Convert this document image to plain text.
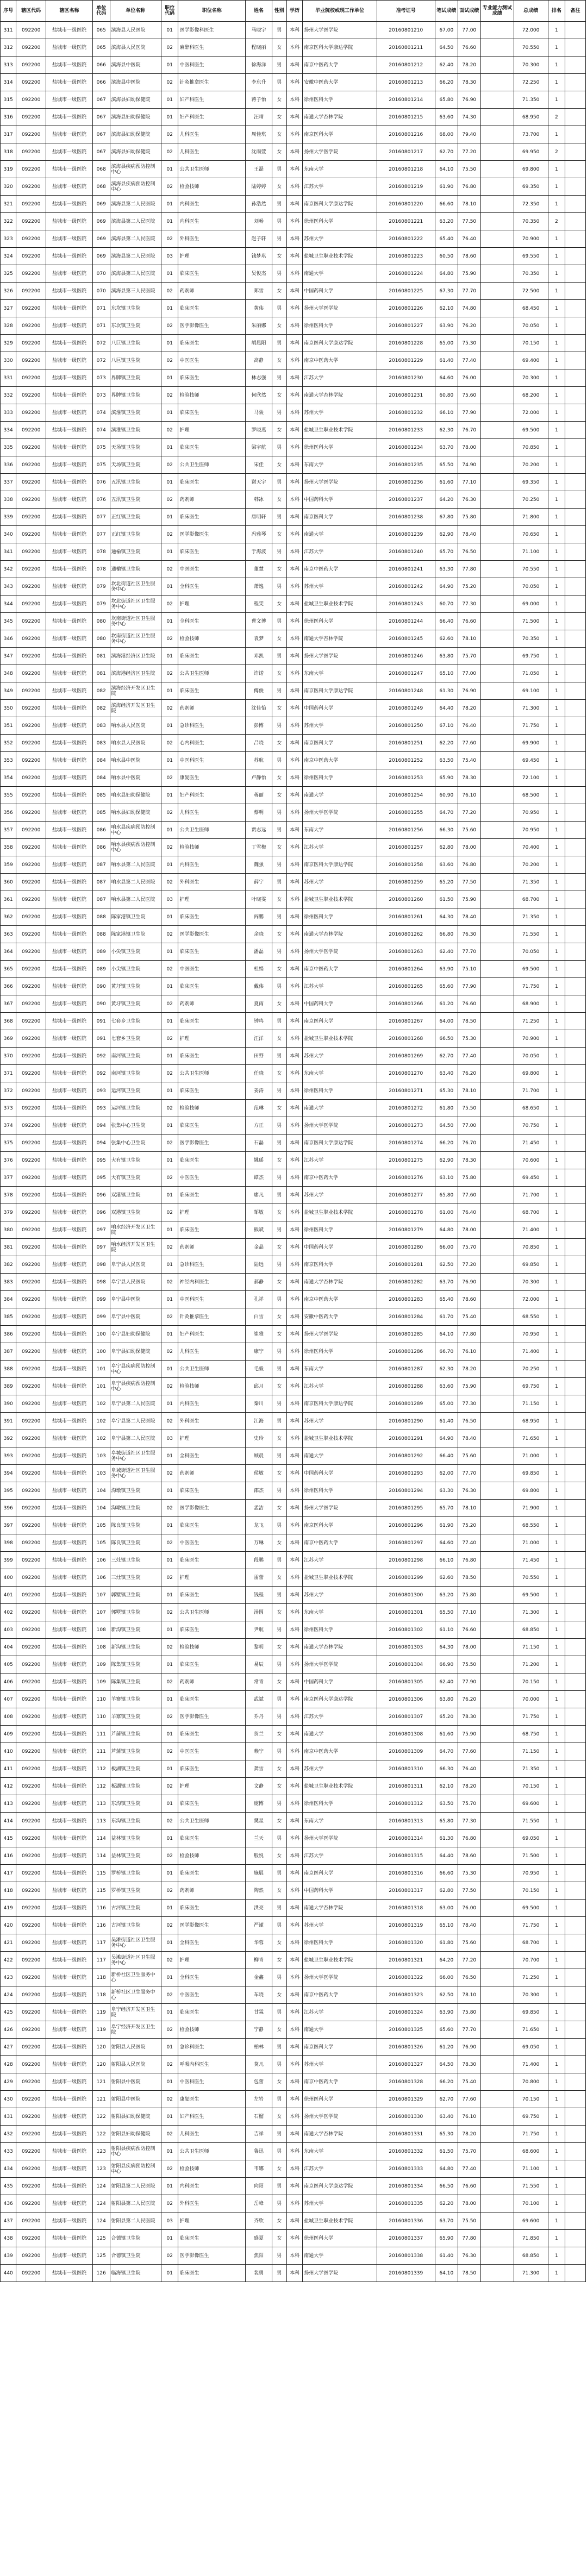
序号	辖区代码	辖区名称	单位代码	单位名称	职位代码	职位名称	姓名	性别	学历	毕业院校或现工作单位	准考证号	笔试成绩	面试成绩	专业能力测试成绩	总成绩	排名	备注
311	092200	盐城市一级医院	065	滨海县人民医院	01	医学影像科医生	马晓宇	男	本科	扬州大学医学院	20160801210	67.00	77.00		72.000	1	
312	092200	盐城市一级医院	065	滨海县人民医院	02	麻醉科医生	程晓丽	女	本科	南京医科大学康达学院	20160801211	64.50	76.60		70.550	1	
313	092200	盐城市一级医院	066	滨海县中医院	01	中医科医生	徐海洋	男	本科	南京中医药大学	20160801212	62.40	78.20		70.300	1	
314	092200	盐城市一级医院	066	滨海县中医院	02	针灸推拿医生	李东升	男	本科	安徽中医药大学	20160801213	66.20	78.30		72.250	1	
315	092200	盐城市一级医院	067	滨海县妇幼保健院	01	妇产科医生	蒋子怡	女	本科	徐州医科大学	20160801214	65.80	76.90		71.350	1	
316	092200	盐城市一级医院	067	滨海县妇幼保健院	01	妇产科医生	汪晴	女	本科	南通大学杏林学院	20160801215	63.60	74.30		68.950	2	
317	092200	盐城市一级医院	067	滨海县妇幼保健院	02	儿科医生	周佳琪	女	本科	南京医科大学	20160801216	68.00	79.40		73.700	1	
318	092200	盐城市一级医院	067	滨海县妇幼保健院	02	儿科医生	沈雨萱	女	本科	扬州大学医学院	20160801217	62.70	77.20		69.950	2	
319	092200	盐城市一级医院	068	滨海县疾病预防控制中心	01	公共卫生医师	王磊	男	本科	东南大学	20160801218	64.10	75.50		69.800	1	
320	092200	盐城市一级医院	068	滨海县疾病预防控制中心	02	检验技师	陆婷婷	女	本科	江苏大学	20160801219	61.90	76.80		69.350	1	
321	092200	盐城市一级医院	069	滨海县第二人民医院	01	内科医生	孙浩然	男	本科	南京医科大学康达学院	20160801220	66.60	78.10		72.350	1	
322	092200	盐城市一级医院	069	滨海县第二人民医院	01	内科医生	刘畅	男	本科	徐州医科大学	20160801221	63.20	77.50		70.350	2	
323	092200	盐城市一级医院	069	滨海县第二人民医院	02	外科医生	赵子轩	男	本科	苏州大学	20160801222	65.40	76.40		70.900	1	
324	092200	盐城市一级医院	069	滨海县第二人民医院	03	护理	钱梦琪	女	本科	盐城卫生职业技术学院	20160801223	60.50	78.60		69.550	1	
325	092200	盐城市一级医院	070	滨海县第三人民医院	01	临床医生	吴俊杰	男	本科	南通大学	20160801224	64.80	75.90		70.350	1	
326	092200	盐城市一级医院	070	滨海县第三人民医院	02	药剂师	郑雪	女	本科	中国药科大学	20160801225	67.30	77.70		72.500	1	
327	092200	盐城市一级医院	071	东坎镇卫生院	01	临床医生	黄伟	男	本科	扬州大学医学院	20160801226	62.10	74.80		68.450	1	
328	092200	盐城市一级医院	071	东坎镇卫生院	02	医学影像医生	朱丽娜	女	本科	徐州医科大学	20160801227	63.90	76.20		70.050	1	
329	092200	盐城市一级医院	072	八巨镇卫生院	01	临床医生	胡晨阳	男	本科	南京医科大学康达学院	20160801228	65.00	75.30		70.150	1	
330	092200	盐城市一级医院	072	八巨镇卫生院	02	中医医生	高静	女	本科	南京中医药大学	20160801229	61.40	77.40		69.400	1	
331	092200	盐城市一级医院	073	界牌镇卫生院	01	临床医生	林志强	男	本科	江苏大学	20160801230	64.60	76.00		70.300	1	
332	092200	盐城市一级医院	073	界牌镇卫生院	02	检验技师	何欣然	女	本科	南通大学杏林学院	20160801231	60.80	75.60		68.200	1	
333	092200	盐城市一级医院	074	滨淮镇卫生院	01	临床医生	马骏	男	本科	苏州大学	20160801232	66.10	77.90		72.000	1	
334	092200	盐城市一级医院	074	滨淮镇卫生院	02	护理	罗晓燕	女	本科	盐城卫生职业技术学院	20160801233	62.30	76.70		69.500	1	
335	092200	盐城市一级医院	075	天场镇卫生院	01	临床医生	梁宇航	男	本科	徐州医科大学	20160801234	63.70	78.00		70.850	1	
336	092200	盐城市一级医院	075	天场镇卫生院	02	公共卫生医师	宋佳	女	本科	东南大学	20160801235	65.50	74.90		70.200	1	
337	092200	盐城市一级医院	076	五汛镇卫生院	01	临床医生	谢天宇	男	本科	扬州大学医学院	20160801236	61.60	77.10		69.350	1	
338	092200	盐城市一级医院	076	五汛镇卫生院	02	药剂师	韩冰	女	本科	中国药科大学	20160801237	64.20	76.30		70.250	1	
339	092200	盐城市一级医院	077	正红镇卫生院	01	临床医生	唐明轩	男	本科	南京医科大学	20160801238	67.80	75.80		71.800	1	
340	092200	盐城市一级医院	077	正红镇卫生院	02	医学影像医生	冯雅琴	女	本科	南通大学	20160801239	62.90	78.40		70.650	1	
341	092200	盐城市一级医院	078	通榆镇卫生院	01	临床医生	于海波	男	本科	江苏大学	20160801240	65.70	76.50		71.100	1	
342	092200	盐城市一级医院	078	通榆镇卫生院	02	中医医生	董慧	女	本科	南京中医药大学	20160801241	63.30	77.80		70.550	1	
343	092200	盐城市一级医院	079	坎北街道社区卫生服务中心	01	全科医生	萧逸	男	本科	苏州大学	20160801242	64.90	75.20		70.050	1	
344	092200	盐城市一级医院	079	坎北街道社区卫生服务中心	02	护理	程雯	女	本科	盐城卫生职业技术学院	20160801243	60.70	77.30		69.000	1	
345	092200	盐城市一级医院	080	坎南街道社区卫生服务中心	01	全科医生	曹文博	男	本科	徐州医科大学	20160801244	66.40	76.60		71.500	1	
346	092200	盐城市一级医院	080	坎南街道社区卫生服务中心	02	检验技师	袁梦	女	本科	南通大学杏林学院	20160801245	62.60	78.10		70.350	1	
347	092200	盐城市一级医院	081	滨海港经济区卫生院	01	临床医生	邓凯	男	本科	扬州大学医学院	20160801246	63.80	75.70		69.750	1	
348	092200	盐城市一级医院	081	滨海港经济区卫生院	02	公共卫生医师	许诺	女	本科	东南大学	20160801247	65.10	77.00		71.050	1	
349	092200	盐城市一级医院	082	滨海经济开发区卫生院	01	临床医生	傅俊	男	本科	南京医科大学康达学院	20160801248	61.30	76.90		69.100	1	
350	092200	盐城市一级医院	082	滨海经济开发区卫生院	02	药剂师	沈佳怡	女	本科	中国药科大学	20160801249	64.40	78.20		71.300	1	
351	092200	盐城市一级医院	083	响水县人民医院	01	急诊科医生	彭博	男	本科	苏州大学	20160801250	67.10	76.40		71.750	1	
352	092200	盐城市一级医院	083	响水县人民医院	02	心内科医生	吕晓	女	本科	南京医科大学	20160801251	62.20	77.60		69.900	1	
353	092200	盐城市一级医院	084	响水县中医院	01	中医科医生	苏航	男	本科	南京中医药大学	20160801252	63.50	75.40		69.450	1	
354	092200	盐城市一级医院	084	响水县中医院	02	康复医生	卢静怡	女	本科	徐州医科大学	20160801253	65.90	78.30		72.100	1	
355	092200	盐城市一级医院	085	响水县妇幼保健院	01	妇产科医生	蒋丽	女	本科	南通大学	20160801254	60.90	76.10		68.500	1	
356	092200	盐城市一级医院	085	响水县妇幼保健院	02	儿科医生	蔡明	男	本科	扬州大学医学院	20160801255	64.70	77.20		70.950	1	
357	092200	盐城市一级医院	086	响水县疾病预防控制中心	01	公共卫生医师	贾志远	男	本科	东南大学	20160801256	66.30	75.60		70.950	1	
358	092200	盐城市一级医院	086	响水县疾病预防控制中心	02	检验技师	丁雪梅	女	本科	江苏大学	20160801257	62.80	78.00		70.400	1	
359	092200	盐城市一级医院	087	响水县第二人民医院	01	内科医生	魏强	男	本科	南京医科大学康达学院	20160801258	63.60	76.80		70.200	1	
360	092200	盐城市一级医院	087	响水县第二人民医院	02	外科医生	薛宁	男	本科	苏州大学	20160801259	65.20	77.50		71.350	1	
361	092200	盐城市一级医院	087	响水县第二人民医院	03	护理	叶晓雯	女	本科	盐城卫生职业技术学院	20160801260	61.50	75.90		68.700	1	
362	092200	盐城市一级医院	088	陈家港镇卫生院	01	临床医生	阎鹏	男	本科	徐州医科大学	20160801261	64.30	78.40		71.350	1	
363	092200	盐城市一级医院	088	陈家港镇卫生院	02	医学影像医生	余晓	女	本科	南通大学杏林学院	20160801262	66.80	76.30		71.550	1	
364	092200	盐城市一级医院	089	小尖镇卫生院	01	临床医生	潘磊	男	本科	扬州大学医学院	20160801263	62.40	77.70		70.050	1	
365	092200	盐城市一级医院	089	小尖镇卫生院	02	中医医生	杜娟	女	本科	南京中医药大学	20160801264	63.90	75.10		69.500	1	
366	092200	盐城市一级医院	090	黄圩镇卫生院	01	临床医生	戴伟	男	本科	江苏大学	20160801265	65.60	77.90		71.750	1	
367	092200	盐城市一级医院	090	黄圩镇卫生院	02	药剂师	夏雨	女	本科	中国药科大学	20160801266	61.20	76.60		68.900	1	
368	092200	盐城市一级医院	091	七套乡卫生院	01	临床医生	钟鸣	男	本科	南京医科大学	20160801267	64.00	78.50		71.250	1	
369	092200	盐城市一级医院	091	七套乡卫生院	02	护理	汪洋	女	本科	盐城卫生职业技术学院	20160801268	66.50	75.30		70.900	1	
370	092200	盐城市一级医院	092	南河镇卫生院	01	临床医生	田野	男	本科	苏州大学	20160801269	62.70	77.40		70.050	1	
371	092200	盐城市一级医院	092	南河镇卫生院	02	公共卫生医师	任晓	女	本科	东南大学	20160801270	63.40	76.20		69.800	1	
372	092200	盐城市一级医院	093	运河镇卫生院	01	临床医生	姜涛	男	本科	徐州医科大学	20160801271	65.30	78.10		71.700	1	
373	092200	盐城市一级医院	093	运河镇卫生院	02	检验技师	范琳	女	本科	南通大学	20160801272	61.80	75.50		68.650	1	
374	092200	盐城市一级医院	094	张集中心卫生院	01	临床医生	方正	男	本科	扬州大学医学院	20160801273	64.50	77.00		70.750	1	
375	092200	盐城市一级医院	094	张集中心卫生院	02	医学影像医生	石磊	男	本科	南京医科大学康达学院	20160801274	66.20	76.70		71.450	1	
376	092200	盐城市一级医院	095	大有镇卫生院	01	临床医生	姚瑶	女	本科	江苏大学	20160801275	62.90	78.30		70.600	1	
377	092200	盐城市一级医院	095	大有镇卫生院	02	中医医生	谭杰	男	本科	南京中医药大学	20160801276	63.10	75.80		69.450	1	
378	092200	盐城市一级医院	096	双港镇卫生院	01	临床医生	廖凡	男	本科	苏州大学	20160801277	65.80	77.60		71.700	1	
379	092200	盐城市一级医院	096	双港镇卫生院	02	护理	邹敏	女	本科	盐城卫生职业技术学院	20160801278	61.00	76.40		68.700	1	
380	092200	盐城市一级医院	097	响水经济开发区卫生院	01	临床医生	熊斌	男	本科	徐州医科大学	20160801279	64.80	78.00		71.400	1	
381	092200	盐城市一级医院	097	响水经济开发区卫生院	02	药剂师	金晶	女	本科	中国药科大学	20160801280	66.00	75.70		70.850	1	
382	092200	盐城市一级医院	098	阜宁县人民医院	01	急诊科医生	陆远	男	本科	南京医科大学	20160801281	62.50	77.20		69.850	1	
383	092200	盐城市一级医院	098	阜宁县人民医院	02	神经内科医生	郝静	女	本科	南通大学杏林学院	20160801282	63.70	76.90		70.300	1	
384	092200	盐城市一级医院	099	阜宁县中医院	01	中医科医生	孔祥	男	本科	南京中医药大学	20160801283	65.40	78.60		72.000	1	
385	092200	盐城市一级医院	099	阜宁县中医院	02	针灸推拿医生	白雪	女	本科	安徽中医药大学	20160801284	61.70	75.40		68.550	1	
386	092200	盐城市一级医院	100	阜宁县妇幼保健院	01	妇产科医生	崔雅	女	本科	扬州大学医学院	20160801285	64.10	77.80		70.950	1	
387	092200	盐城市一级医院	100	阜宁县妇幼保健院	02	儿科医生	康宁	男	本科	徐州医科大学	20160801286	66.70	76.10		71.400	1	
388	092200	盐城市一级医院	101	阜宁县疾病预防控制中心	01	公共卫生医师	毛毅	男	本科	东南大学	20160801287	62.30	78.20		70.250	1	
389	092200	盐城市一级医院	101	阜宁县疾病预防控制中心	02	检验技师	邱月	女	本科	江苏大学	20160801288	63.60	75.90		69.750	1	
390	092200	盐城市一级医院	102	阜宁县第二人民医院	01	内科医生	秦川	男	本科	南京医科大学康达学院	20160801289	65.00	77.30		71.150	1	
391	092200	盐城市一级医院	102	阜宁县第二人民医院	02	外科医生	江海	男	本科	苏州大学	20160801290	61.40	76.50		68.950	1	
392	092200	盐城市一级医院	102	阜宁县第二人民医院	03	护理	史玲	女	本科	盐城卫生职业技术学院	20160801291	64.90	78.40		71.650	1	
393	092200	盐城市一级医院	103	阜城街道社区卫生服务中心	01	全科医生	顾晨	男	本科	南通大学	20160801292	66.40	75.60		71.000	1	
394	092200	盐城市一级医院	103	阜城街道社区卫生服务中心	02	药剂师	侯敏	女	本科	中国药科大学	20160801293	62.00	77.70		69.850	1	
395	092200	盐城市一级医院	104	沟墩镇卫生院	01	临床医生	邵杰	男	本科	徐州医科大学	20160801294	63.30	76.30		69.800	1	
396	092200	盐城市一级医院	104	沟墩镇卫生院	02	医学影像医生	孟洁	女	本科	扬州大学医学院	20160801295	65.70	78.10		71.900	1	
397	092200	盐城市一级医院	105	陈良镇卫生院	01	临床医生	龙飞	男	本科	南京医科大学	20160801296	61.90	75.20		68.550	1	
398	092200	盐城市一级医院	105	陈良镇卫生院	02	中医医生	万琳	女	本科	南京中医药大学	20160801297	64.60	77.40		71.000	1	
399	092200	盐城市一级医院	106	三灶镇卫生院	01	临床医生	段鹏	男	本科	江苏大学	20160801298	66.10	76.80		71.450	1	
400	092200	盐城市一级医院	106	三灶镇卫生院	02	护理	雷蕾	女	本科	盐城卫生职业技术学院	20160801299	62.60	78.50		70.550	1	
401	092200	盐城市一级医院	107	郭墅镇卫生院	01	临床医生	钱程	男	本科	苏州大学	20160801300	63.20	75.80		69.500	1	
402	092200	盐城市一级医院	107	郭墅镇卫生院	02	公共卫生医师	汤圆	女	本科	东南大学	20160801301	65.50	77.10		71.300	1	
403	092200	盐城市一级医院	108	新沟镇卫生院	01	临床医生	尹航	男	本科	徐州医科大学	20160801302	61.10	76.60		68.850	1	
404	092200	盐城市一级医院	108	新沟镇卫生院	02	检验技师	黎明	女	本科	南通大学杏林学院	20160801303	64.30	78.00		71.150	1	
405	092200	盐城市一级医院	109	陈集镇卫生院	01	临床医生	易辰	男	本科	扬州大学医学院	20160801304	66.90	75.50		71.200	1	
406	092200	盐城市一级医院	109	陈集镇卫生院	02	药剂师	常青	女	本科	中国药科大学	20160801305	62.40	77.90		70.150	1	
407	092200	盐城市一级医院	110	羊寨镇卫生院	01	临床医生	武斌	男	本科	南京医科大学康达学院	20160801306	63.80	76.20		70.000	1	
408	092200	盐城市一级医院	110	羊寨镇卫生院	02	医学影像医生	乔丹	男	本科	江苏大学	20160801307	65.20	78.30		71.750	1	
409	092200	盐城市一级医院	111	芦蒲镇卫生院	01	临床医生	贺兰	女	本科	南通大学	20160801308	61.60	75.90		68.750	1	
410	092200	盐城市一级医院	111	芦蒲镇卫生院	02	中医医生	赖宁	男	本科	南京中医药大学	20160801309	64.70	77.60		71.150	1	
411	092200	盐城市一级医院	112	板湖镇卫生院	01	临床医生	龚雪	女	本科	苏州大学	20160801310	66.30	76.40		71.350	1	
412	092200	盐城市一级医院	112	板湖镇卫生院	02	护理	文静	女	本科	盐城卫生职业技术学院	20160801311	62.10	78.20		70.150	1	
413	092200	盐城市一级医院	113	东沟镇卫生院	01	临床医生	庞博	男	本科	徐州医科大学	20160801312	63.50	75.70		69.600	1	
414	092200	盐城市一级医院	113	东沟镇卫生院	02	公共卫生医师	樊星	女	本科	东南大学	20160801313	65.80	77.30		71.550	1	
415	092200	盐城市一级医院	114	益林镇卫生院	01	临床医生	兰天	男	本科	扬州大学医学院	20160801314	61.30	76.80		69.050	1	
416	092200	盐城市一级医院	114	益林镇卫生院	02	检验技师	殷悦	女	本科	江苏大学	20160801315	64.40	78.60		71.500	1	
417	092200	盐城市一级医院	115	罗桥镇卫生院	01	临床医生	施展	男	本科	南京医科大学	20160801316	66.60	75.30		70.950	1	
418	092200	盐城市一级医院	115	罗桥镇卫生院	02	药剂师	陶然	女	本科	中国药科大学	20160801317	62.80	77.50		70.150	1	
419	092200	盐城市一级医院	116	古河镇卫生院	01	临床医生	洪亮	男	本科	南通大学杏林学院	20160801318	63.00	76.00		69.500	1	
420	092200	盐城市一级医院	116	古河镇卫生院	02	医学影像医生	严谨	男	本科	苏州大学	20160801319	65.10	78.40		71.750	1	
421	092200	盐城市一级医院	117	吴滩街道社区卫生服务中心	01	全科医生	华蓉	女	本科	徐州医科大学	20160801320	61.80	75.60		68.700	1	
422	092200	盐城市一级医院	117	吴滩街道社区卫生服务中心	02	护理	柳青	女	本科	盐城卫生职业技术学院	20160801321	64.20	77.20		70.700	1	
423	092200	盐城市一级医院	118	新桥社区卫生服务中心	01	全科医生	金鑫	男	本科	扬州大学医学院	20160801322	66.00	76.50		71.250	1	
424	092200	盐城市一级医院	118	新桥社区卫生服务中心	02	中医医生	车晓	女	本科	南京中医药大学	20160801323	62.50	78.10		70.300	1	
425	092200	盐城市一级医院	119	阜宁经济开发区卫生院	01	临床医生	甘霖	男	本科	江苏大学	20160801324	63.90	75.80		69.850	1	
426	092200	盐城市一级医院	119	阜宁经济开发区卫生院	02	检验技师	宁静	女	本科	南通大学	20160801325	65.60	77.70		71.650	1	
427	092200	盐城市一级医院	120	射阳县人民医院	01	急诊科医生	柏林	男	本科	南京医科大学	20160801326	61.20	76.90		69.050	1	
428	092200	盐城市一级医院	120	射阳县人民医院	02	呼吸内科医生	莫凡	男	本科	苏州大学	20160801327	64.50	78.30		71.400	1	
429	092200	盐城市一级医院	121	射阳县中医院	01	中医科医生	包蕾	女	本科	南京中医药大学	20160801328	66.20	75.40		70.800	1	
430	092200	盐城市一级医院	121	射阳县中医院	02	康复医生	左岩	男	本科	徐州医科大学	20160801329	62.70	77.60		70.150	1	
431	092200	盐城市一级医院	122	射阳县妇幼保健院	01	妇产科医生	石榴	女	本科	扬州大学医学院	20160801330	63.40	76.10		69.750	1	
432	092200	盐城市一级医院	122	射阳县妇幼保健院	02	儿科医生	吉祥	男	本科	南通大学杏林学院	20160801331	65.30	78.20		71.750	1	
433	092200	盐城市一级医院	123	射阳县疾病预防控制中心	01	公共卫生医师	鲁迅	男	本科	东南大学	20160801332	61.50	75.70		68.600	1	
434	092200	盐城市一级医院	123	射阳县疾病预防控制中心	02	检验技师	韦娜	女	本科	江苏大学	20160801333	64.80	77.40		71.100	1	
435	092200	盐城市一级医院	124	射阳县第二人民医院	01	内科医生	向阳	男	本科	南京医科大学康达学院	20160801334	66.50	76.60		71.550	1	
436	092200	盐城市一级医院	124	射阳县第二人民医院	02	外科医生	岳峰	男	本科	苏州大学	20160801335	62.20	78.00		70.100	1	
437	092200	盐城市一级医院	124	射阳县第二人民医院	03	护理	齐欣	女	本科	盐城卫生职业技术学院	20160801336	63.70	75.50		69.600	1	
438	092200	盐城市一级医院	125	合德镇卫生院	01	临床医生	盛夏	女	本科	徐州医科大学	20160801337	65.90	77.80		71.850	1	
439	092200	盐城市一级医院	125	合德镇卫生院	02	医学影像医生	焦阳	男	本科	南通大学	20160801338	61.40	76.30		68.850	1	
440	092200	盐城市一级医院	126	临海镇卫生院	01	临床医生	裴勇	男	本科	扬州大学医学院	20160801339	64.10	78.50		71.300	1	
